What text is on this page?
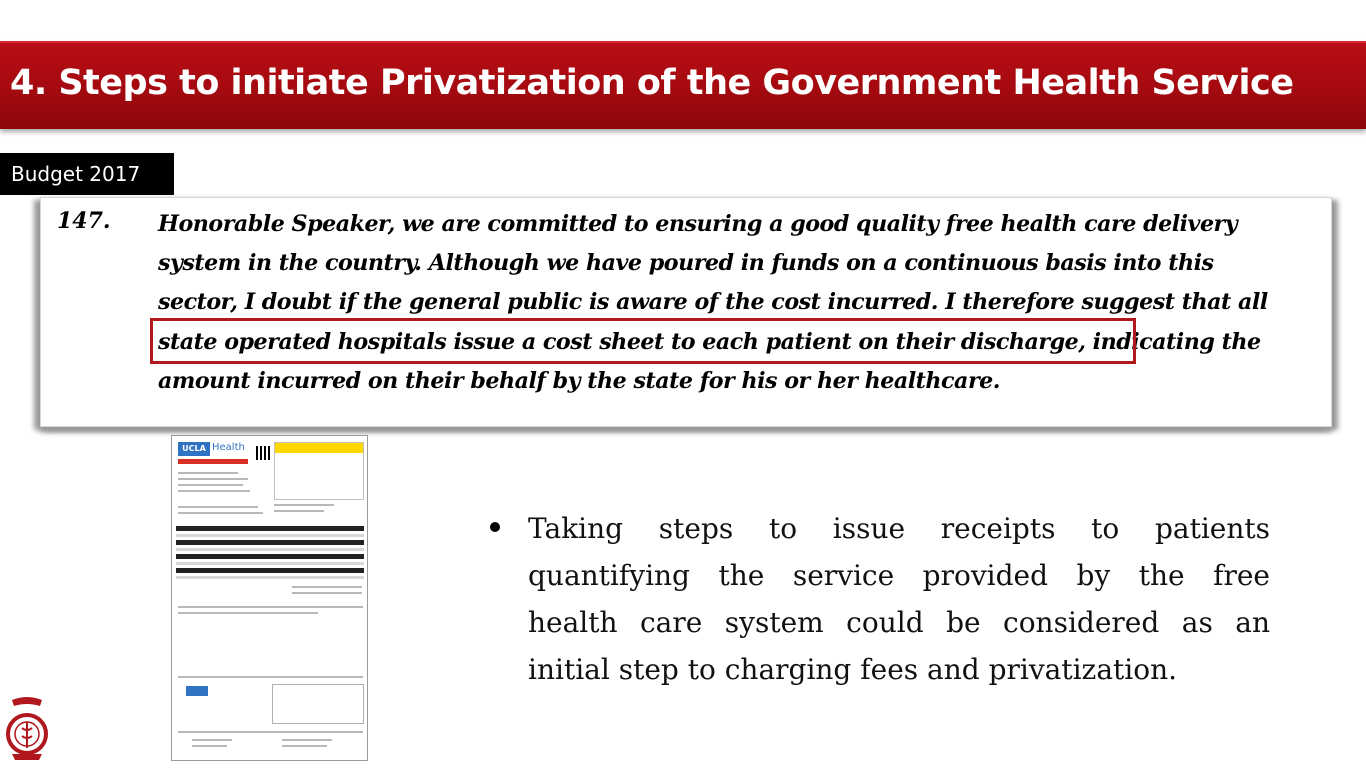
4. Steps to initiate Privatization of the Government Health Service
Budget 2017
147. Honorable Speaker, we are committed to ensuring a good quality free health care delivery
system in the country. Although we have poured in funds on a continuous basis into this
sector, I doubt if the general public is aware of the cost incurred. I therefore suggest that all
state operated hospitals issue a cost sheet to each patient on their discharge, indicating the
amount incurred on their behalf by the state for his or her healthcare.
UCLA Health
Taking steps to issue receipts to patients
quantifying the service provided by the free
health care system could be considered as an
initial step to charging fees and privatization.
